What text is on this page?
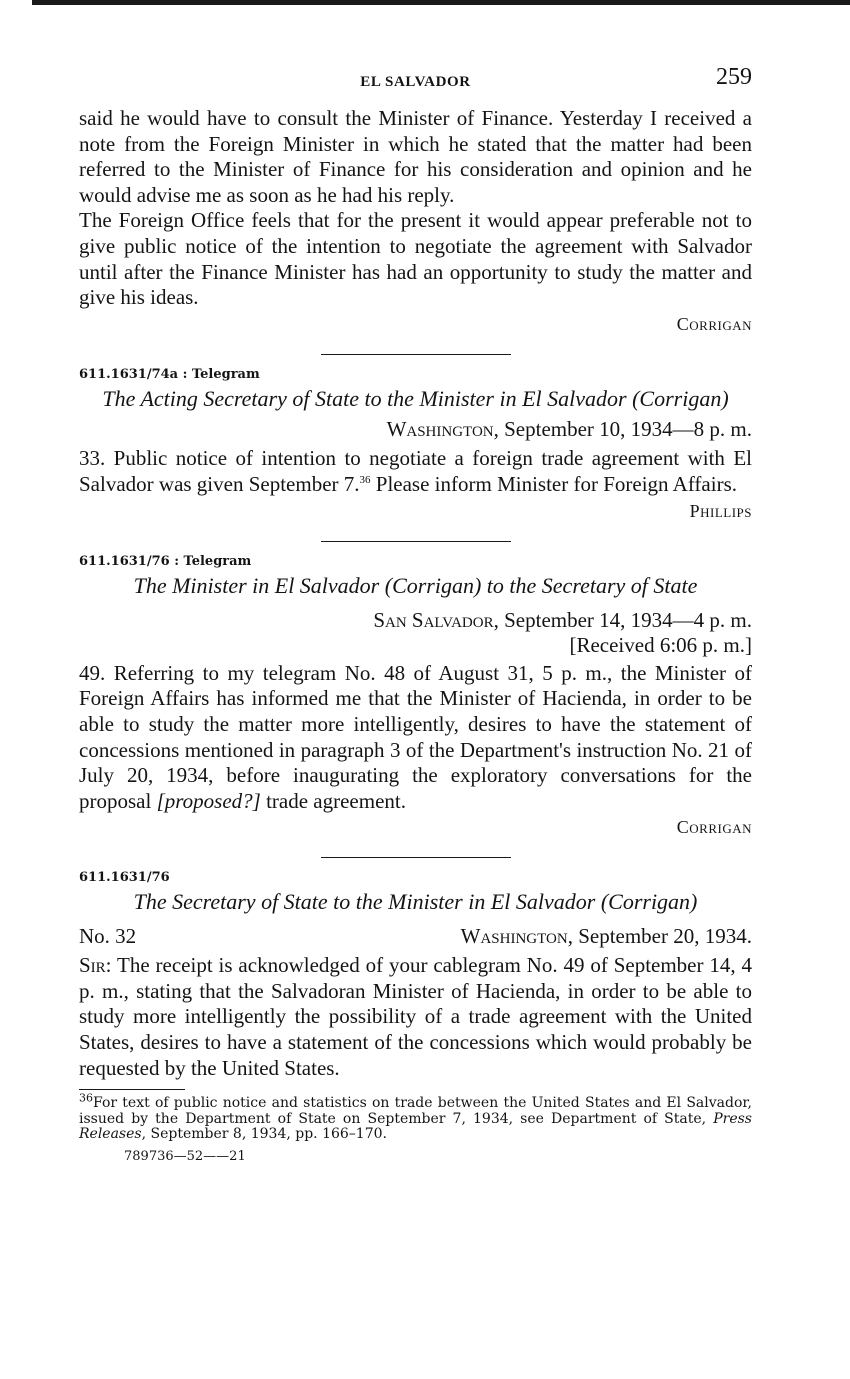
EL SALVADOR	259

said he would have to consult the Minister of Finance. Yesterday I received a note from the Foreign Minister in which he stated that the matter had been referred to the Minister of Finance for his consideration and opinion and he would advise me as soon as he had his reply.

The Foreign Office feels that for the present it would appear preferable not to give public notice of the intention to negotiate the agreement with Salvador until after the Finance Minister has had an opportunity to study the matter and give his ideas.

Corrigan
611.1631/74a : Telegram
The Acting Secretary of State to the Minister in El Salvador (Corrigan)

Washington, September 10, 1934—8 p. m.

33. Public notice of intention to negotiate a foreign trade agreement with El Salvador was given September 7.36 Please inform Minister for Foreign Affairs.

Phillips
611.1631/76 : Telegram
The Minister in El Salvador (Corrigan) to the Secretary of State

San Salvador, September 14, 1934—4 p. m.

[Received 6:06 p. m.]

49. Referring to my telegram No. 48 of August 31, 5 p. m., the Minister of Foreign Affairs has informed me that the Minister of Hacienda, in order to be able to study the matter more intelligently, desires to have the statement of concessions mentioned in paragraph 3 of the Department's instruction No. 21 of July 20, 1934, before inaugurating the exploratory conversations for the proposal [proposed?] trade agreement.

Corrigan
611.1631/76
The Secretary of State to the Minister in El Salvador (Corrigan)
No. 32	Washington, September 20, 1934.

Sir: The receipt is acknowledged of your cablegram No. 49 of September 14, 4 p. m., stating that the Salvadoran Minister of Hacienda, in order to be able to study more intelligently the possibility of a trade agreement with the United States, desires to have a statement of the concessions which would probably be requested by the United States.

$^{36}$For text of public notice and statistics on trade between the United States and El Salvador, issued by the Department of State on September 7, 1934, see Department of State, Press Releases, September 8, 1934, pp. 166–170.

789736—52——21
